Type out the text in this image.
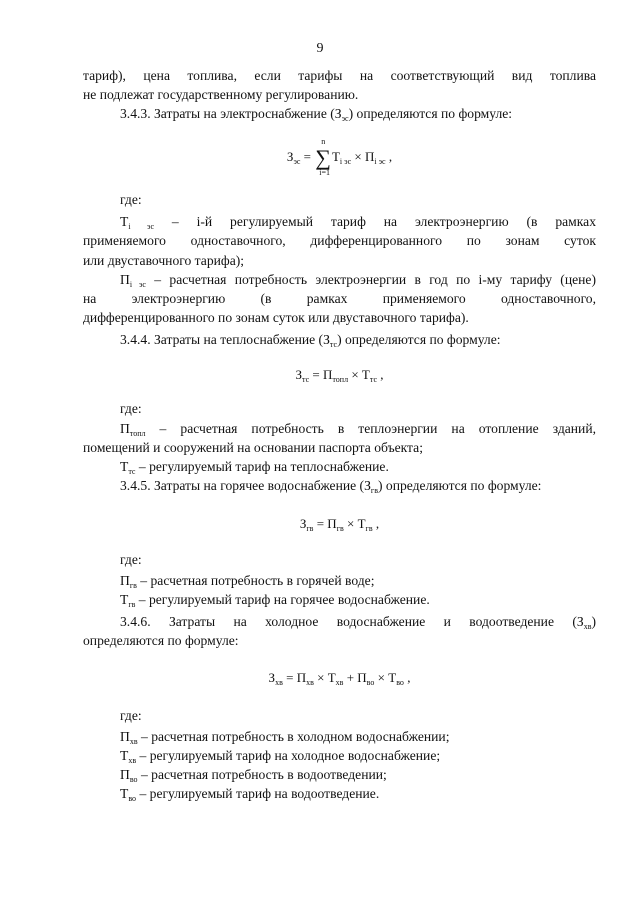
9

тариф), цена топлива, если тарифы на соответствующий вид топлива

не подлежат государственному регулированию.

3.4.3. Затраты на электроснабжение $(З_{эс})$ определяются по формуле:

$З_{эс}$ = ∑
n
i=1
$Т_{i эс} \times П_{i эс}$ ,

где:

$Т_{i эс} - i-й$ регулируемый тариф на электроэнергию (в рамках

применяемого одноставочного, дифференцированного по зонам суток

или двуставочного тарифа);

$П_{i эс}$ – расчетная потребность электроэнергии в год по i-му тарифу (цене)

на электроэнергию (в рамках применяемого одноставочного,

дифференцированного по зонам суток или двуставочного тарифа).

3.4.4. Затраты на теплоснабжение $(З_{тс})$ определяются по формуле:

$З_{тс} = П_{топл} \times Т_{тс}$ ,

где:

$П_{топл}$ – расчетная потребность в теплоэнергии на отопление зданий,

помещений и сооружений на основании паспорта объекта;

$Т_{тс}$ – регулируемый тариф на теплоснабжение.

3.4.5. Затраты на горячее водоснабжение $(З_{гв})$ определяются по формуле:

$З_{гв} = П_{гв} \times Т_{гв}$ ,

где:

$П_{гв}$ – расчетная потребность в горячей воде;

$Т_{гв}$ – регулируемый тариф на горячее водоснабжение.

3.4.6. Затраты на холодное водоснабжение и водоотведение $(З_{хв})$

определяются по формуле:

$З_{хв} = П_{хв} \times Т_{хв} + П_{во} \times Т_{во}$ ,

где:

$П_{хв}$ – расчетная потребность в холодном водоснабжении;

$Т_{хв}$ – регулируемый тариф на холодное водоснабжение;

$П_{во}$ – расчетная потребность в водоотведении;

$Т_{во}$ – регулируемый тариф на водоотведение.
